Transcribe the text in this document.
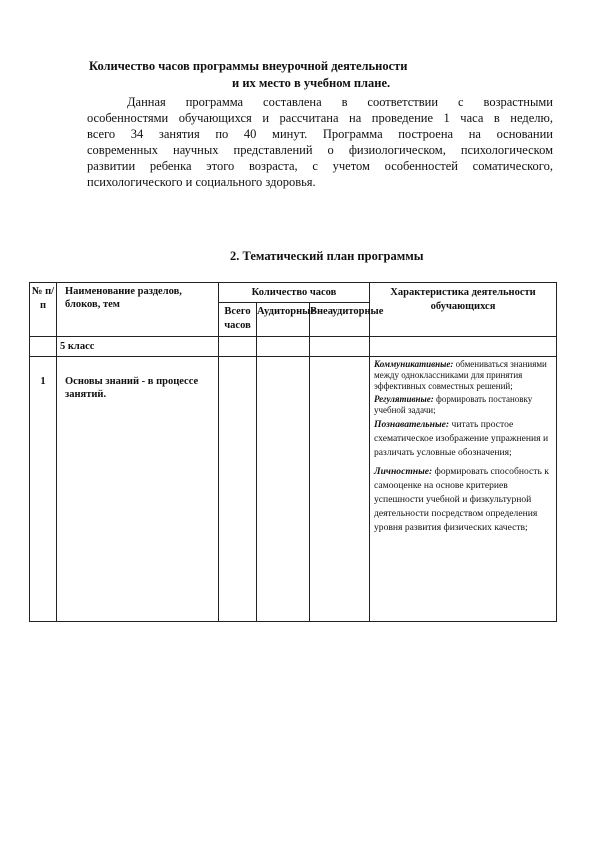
Количество часов программы внеурочной деятельности
и их место в учебном плане.
Данная программа составлена в соответствии с возрастными
особенностями обучающихся и рассчитана на проведение 1 часа в неделю,
всего 34 занятия по 40 минут. Программа построена на основании
современных научных представлений о физиологическом, психологическом
развитии ребенка этого возраста, с учетом особенностей соматического,
психологического и социального здоровья.
2. Тематический план программы
№ п/п	Наименование разделов, блоков, тем	Количество часов			Характеристика деятельности обучающихся
		Всего часов	Аудиторные	Внеаудиторные	

	5 класс				

1	Основы знаний - в процессе занятий.				Коммуникативные: обмениваться знаниями между одноклассниками для принятия эффективных совместных решений;

Регулятивные: формировать постановку учебной задачи;

Познавательные: читать простое схематическое изображение упражнения и различать условные обозначения;

Личностные: формировать способность к самооценке на основе критериев успешности учебной и физкультурной деятельности посредством определения уровня развития физических качеств;
